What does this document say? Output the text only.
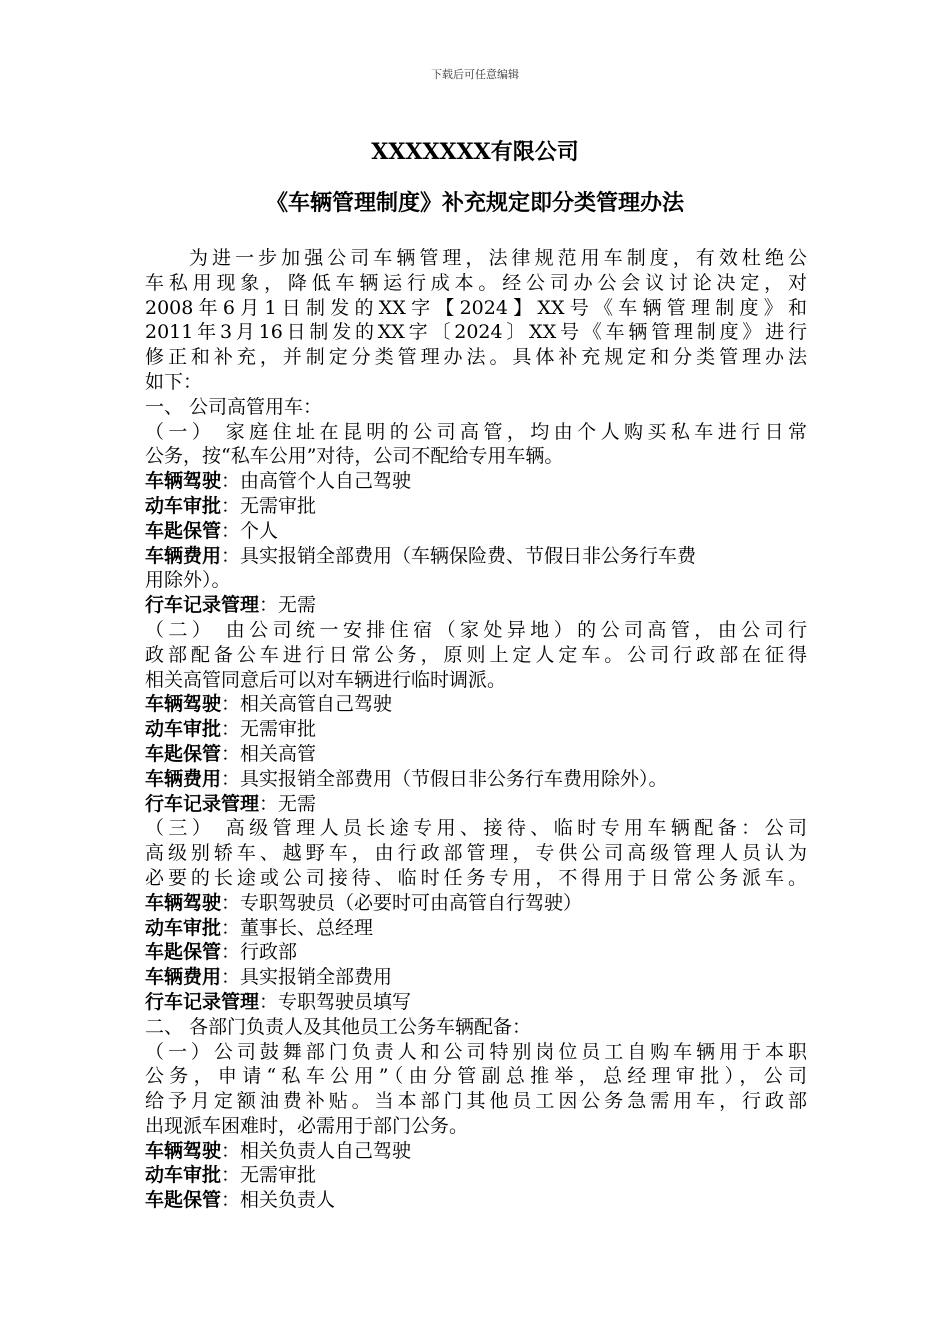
下载后可任意编辑
XXXXXXX有限公司
《车辆管理制度》补充规定即分类管理办法
为进一步加强公司车辆管理，法律规范用车制度，有效杜绝公
车私用现象，降低车辆运行成本。经公司办公会议讨论决定，对
2008年6月1日制发的XX字【2024】XX号《车辆管理制度》和
2011年3月16日制发的XX字〔2024〕XX号《车辆管理制度》进行
修正和补充，并制定分类管理办法。具体补充规定和分类管理办法
如下：
一、 公司高管用车：
（一） 家庭住址在昆明的公司高管，均由个人购买私车进行日常
公务，按“私车公用”对待，公司不配给专用车辆。
车辆驾驶：由高管个人自己驾驶
动车审批：无需审批
车匙保管：个人
车辆费用：具实报销全部费用（车辆保险费、节假日非公务行车费
用除外）。
行车记录管理：无需
（二） 由公司统一安排住宿（家处异地）的公司高管，由公司行
政部配备公车进行日常公务，原则上定人定车。公司行政部在征得
相关高管同意后可以对车辆进行临时调派。
车辆驾驶：相关高管自己驾驶
动车审批：无需审批
车匙保管：相关高管
车辆费用：具实报销全部费用（节假日非公务行车费用除外）。
行车记录管理：无需
（三） 高级管理人员长途专用、接待、临时专用车辆配备：公司
高级别轿车、越野车，由行政部管理，专供公司高级管理人员认为
必要的长途或公司接待、临时任务专用，不得用于日常公务派车。
车辆驾驶：专职驾驶员（必要时可由高管自行驾驶）
动车审批：董事长、总经理
车匙保管：行政部
车辆费用：具实报销全部费用
行车记录管理：专职驾驶员填写
二、 各部门负责人及其他员工公务车辆配备：
（一）公司鼓舞部门负责人和公司特别岗位员工自购车辆用于本职
公务，申请“私车公用”（由分管副总推举，总经理审批），公司
给予月定额油费补贴。当本部门其他员工因公务急需用车，行政部
出现派车困难时，必需用于部门公务。
车辆驾驶：相关负责人自己驾驶
动车审批：无需审批
车匙保管：相关负责人
